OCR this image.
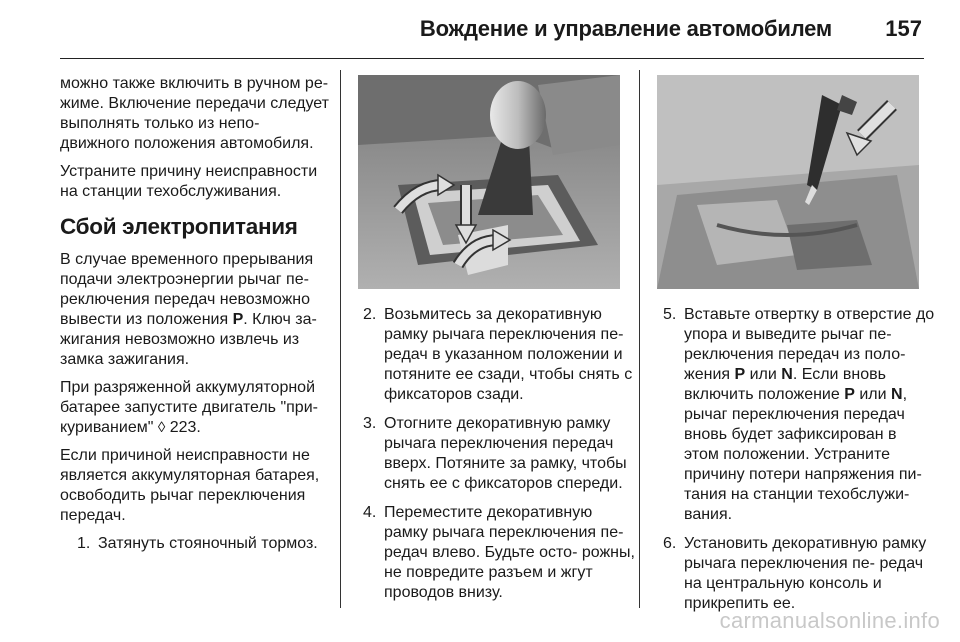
Вождение и управление автомобилем 157

можно также включить в ручном ре- жиме. Включение передачи следует выполнять только из непо- движного положения автомобиля.

Устраните причину неисправности на станции техобслуживания.

Сбой электропитания

В случае временного прерывания подачи электроэнергии рычаг пе- реключения передач невозможно вывести из положения P. Ключ за- жигания невозможно извлечь из замка зажигания.

При разряженной аккумуляторной батарее запустите двигатель "при- куриванием" ◊ 223.

Если причиной неисправности не является аккумуляторная батарея, освободить рычаг переключения передач.

1. Затянуть стояночный тормоз.
2. Возьмитесь за декоративную рамку рычага переключения пе- редач в указанном положении и потяните ее сзади, чтобы снять с фиксаторов сзади.
3. Отогните декоративную рамку рычага переключения передач вверх. Потяните за рамку, чтобы снять ее с фиксаторов спереди.
4. Переместите декоративную рамку рычага переключения пе- редач влево. Будьте осто- рожны, не повредите разъем и жгут проводов внизу.
5. Вставьте отвертку в отверстие до упора и выведите рычаг пе- реключения передач из поло- жения P или N. Если вновь включить положение P или N, рычаг переключения передач вновь будет зафиксирован в этом положении. Устраните причину потери напряжения пи- тания на станции техобслужи- вания.
6. Установить декоративную рамку рычага переключения пе- редач на центральную консоль и прикрепить ее.
carmanualsonline.info
